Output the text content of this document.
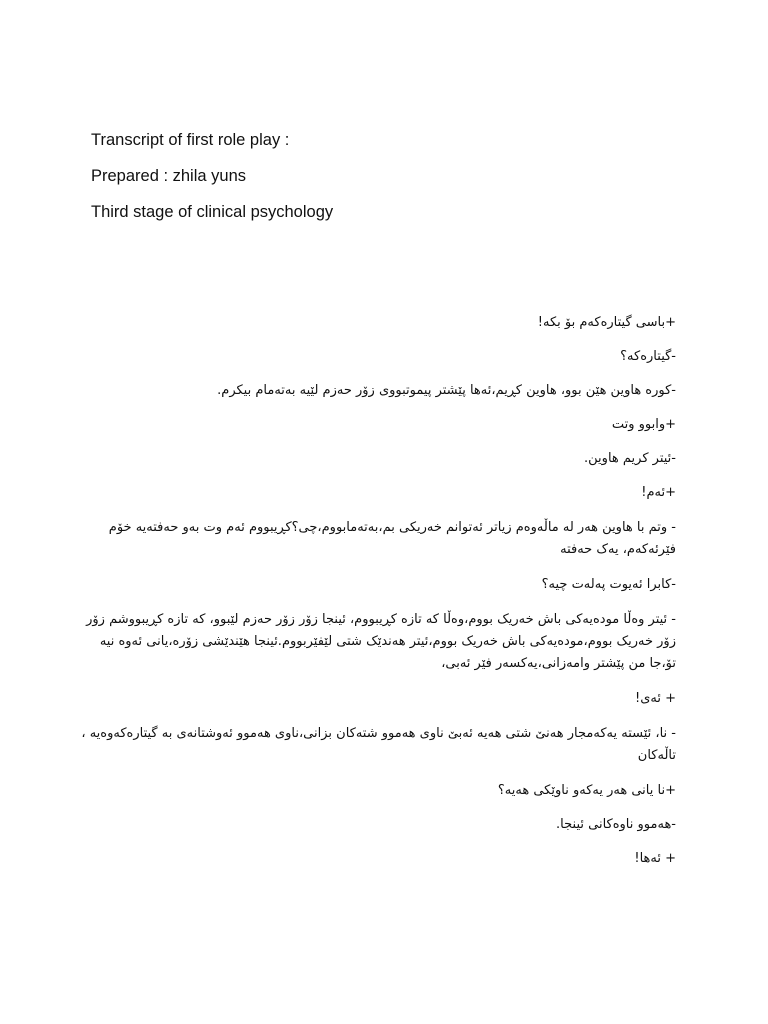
Transcript of first role play :
Prepared : zhila yuns
Third stage of clinical psychology
+باسی گیتارەکەم بۆ بکە!
-گیتارەکە؟
-کورە هاوین هێن بوو، هاوین کڕیم،ئەها پێشتر پیموتبووی زۆر حەزم لێیە بەتەمام بیکرم.
+وابوو وتت
-ئیتر کریم هاوین.
+ئەم!
- وتم با هاوین هەر لە ماڵەوەم زیاتر ئەتوانم خەریکی بم،بەتەمابووم،چی؟کڕیبووم ئەم وت بەو حەفتەیە خۆم فێرئەکەم، یەک حەفتە
-کابرا ئەیوت پەلەت چیە؟
- ئیتر وەڵا مودەیەکی باش خەریک بووم،وەڵا کە تازە کڕیبووم، ئینجا زۆر زۆر حەزم لێبوو، کە تازە کڕیبووشم زۆر زۆر خەریک بووم،مودەیەکی باش خەریک بووم،ئیتر هەندێک شتی لێفێربووم.ئینجا هێندێشی زۆرە،یانی ئەوە نیە تۆ،جا من پێشتر وامەزانی،یەکسەر فێر ئەبی،
+ ئەی!
- نا، ئێستە یەکەمجار هەنێ شتی هەیە ئەبێ ناوی هەموو شتەکان بزانی،ناوی هەموو ئەوشتانەی بە گیتارەکەوەیە ، تاڵەکان
+نا یانی هەر یەکەو ناوێکی هەیە؟
-هەموو ناوەکانی ئینجا.
+ ئەها!
